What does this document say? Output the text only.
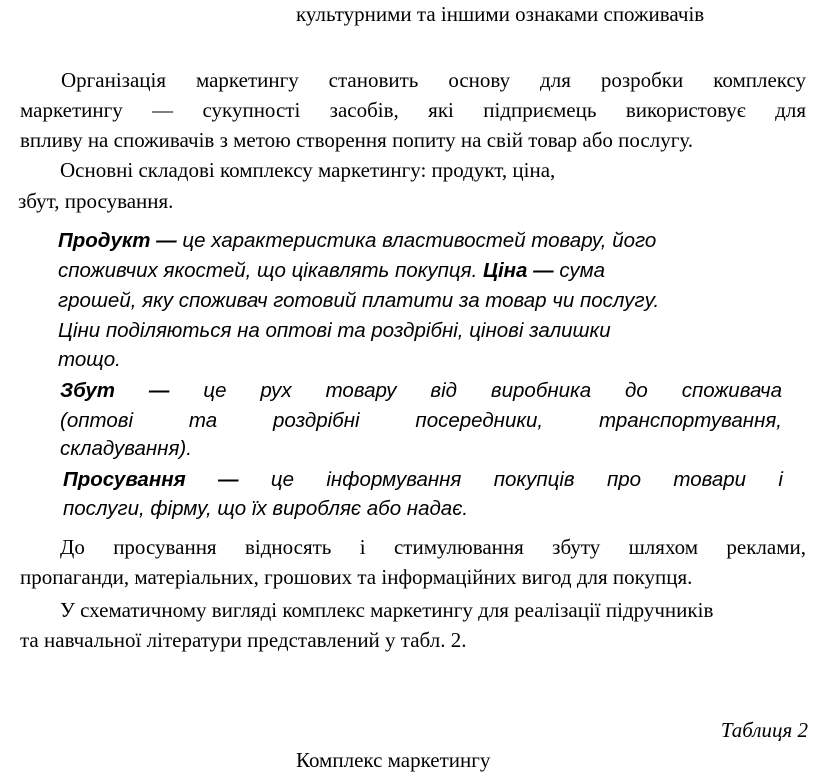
культурними та іншими ознаками споживачів
Організація маркетингу становить основу для розробки комплексу
маркетингу — сукупності засобів, які підприємець використовує для
впливу на споживачів з метою створення попиту на свій товар або послугу.
Основні складові комплексу маркетингу: продукт, ціна,
збут, просування.
Продукт — це характеристика властивостей товару, його
споживчих якостей, що цікавлять покупця. Ціна — сума
грошей, яку споживач готовий платити за товар чи послугу.
Ціни поділяються на оптові та роздрібні, цінові залишки
тощо.
Збут — це рух товару від виробника до споживача
(оптові та роздрібні посередники, транспортування,
складування).
Просування — це інформування покупців про товари і
послуги, фірму, що їх виробляє або надає.
До просування відносять і стимулювання збуту шляхом реклами,
пропаганди, матеріальних, грошових та інформаційних вигод для покупця.
У схематичному вигляді комплекс маркетингу для реалізації підручників
та навчальної літератури представлений у табл. 2.
Таблиця 2
Комплекс маркетингу
